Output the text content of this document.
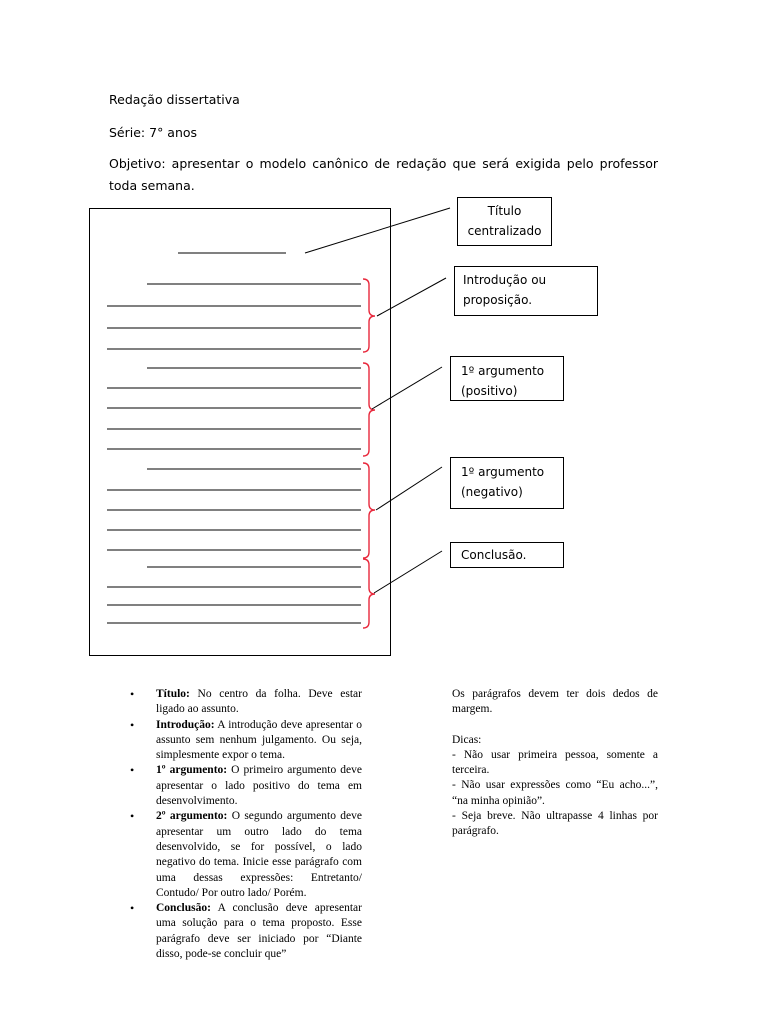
Redação dissertativa
Série: 7° anos
Objetivo: apresentar o modelo canônico de redação que será exigida pelo professor toda semana.
Título centralizado
Introdução ou proposição.
1º argumento (positivo)
1º argumento (negativo)
Conclusão.
• Título: No centro da folha. Deve estar ligado ao assunto.
• Introdução: A introdução deve apresentar o assunto sem nenhum julgamento. Ou seja, simplesmente expor o tema.
• 1º argumento: O primeiro argumento deve apresentar o lado positivo do tema em desenvolvimento.
• 2º argumento: O segundo argumento deve apresentar um outro lado do tema desenvolvido, se for possível, o lado negativo do tema. Inicie esse parágrafo com uma dessas expressões: Entretanto/ Contudo/ Por outro lado/ Porém.
• Conclusão: A conclusão deve apresentar uma solução para o tema proposto. Esse parágrafo deve ser iniciado por “Diante disso, pode-se concluir que”

Os parágrafos devem ter dois dedos de margem.

Dicas:

- Não usar primeira pessoa, somente a terceira.

- Não usar expressões como “Eu acho...”, “na minha opinião”.

- Seja breve. Não ultrapasse 4 linhas por parágrafo.
